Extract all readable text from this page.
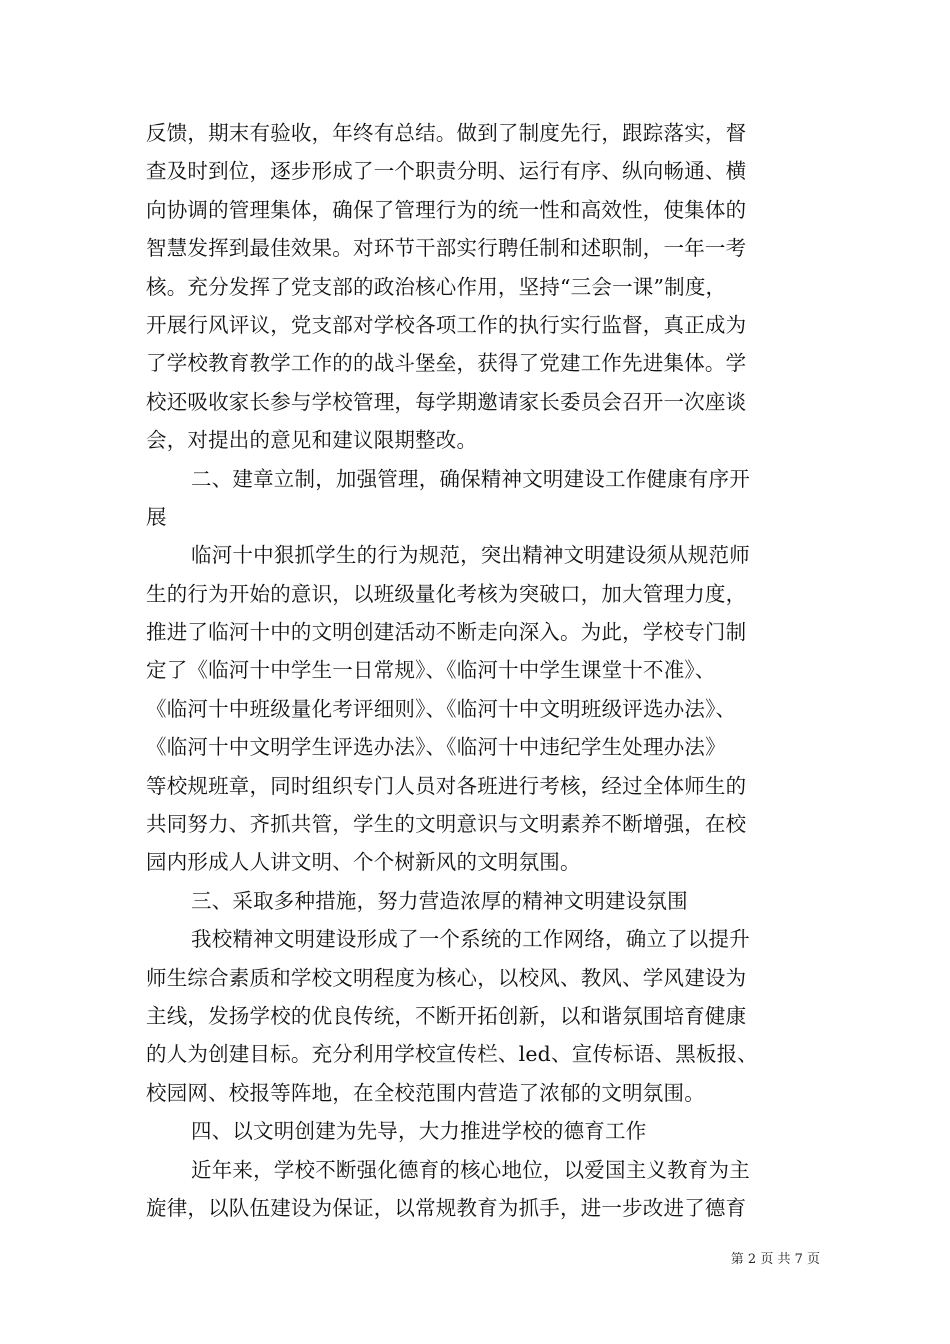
反馈，期末有验收，年终有总结。做到了制度先行，跟踪落实，督
查及时到位，逐步形成了一个职责分明、运行有序、纵向畅通、横
向协调的管理集体，确保了管理行为的统一性和高效性，使集体的
智慧发挥到最佳效果。对环节干部实行聘任制和述职制，一年一考
核。充分发挥了党支部的政治核心作用，坚持“三会一课”制度，
开展行风评议，党支部对学校各项工作的执行实行监督，真正成为
了学校教育教学工作的的战斗堡垒，获得了党建工作先进集体。学
校还吸收家长参与学校管理，每学期邀请家长委员会召开一次座谈
会，对提出的意见和建议限期整改。
二、建章立制，加强管理，确保精神文明建设工作健康有序开
展
临河十中狠抓学生的行为规范，突出精神文明建设须从规范师
生的行为开始的意识，以班级量化考核为突破口，加大管理力度，
推进了临河十中的文明创建活动不断走向深入。为此，学校专门制
定了《临河十中学生一日常规》、《临河十中学生课堂十不准》、
《临河十中班级量化考评细则》、《临河十中文明班级评选办法》、
《临河十中文明学生评选办法》、《临河十中违纪学生处理办法》
等校规班章，同时组织专门人员对各班进行考核，经过全体师生的
共同努力、齐抓共管，学生的文明意识与文明素养不断增强，在校
园内形成人人讲文明、个个树新风的文明氛围。
三、采取多种措施，努力营造浓厚的精神文明建设氛围
我校精神文明建设形成了一个系统的工作网络，确立了以提升
师生综合素质和学校文明程度为核心，以校风、教风、学风建设为
主线，发扬学校的优良传统，不断开拓创新，以和谐氛围培育健康
的人为创建目标。充分利用学校宣传栏、led、宣传标语、黑板报、
校园网、校报等阵地，在全校范围内营造了浓郁的文明氛围。
四、以文明创建为先导，大力推进学校的德育工作
近年来，学校不断强化德育的核心地位，以爱国主义教育为主
旋律，以队伍建设为保证，以常规教育为抓手，进一步改进了德育
第 2 页 共 7 页
